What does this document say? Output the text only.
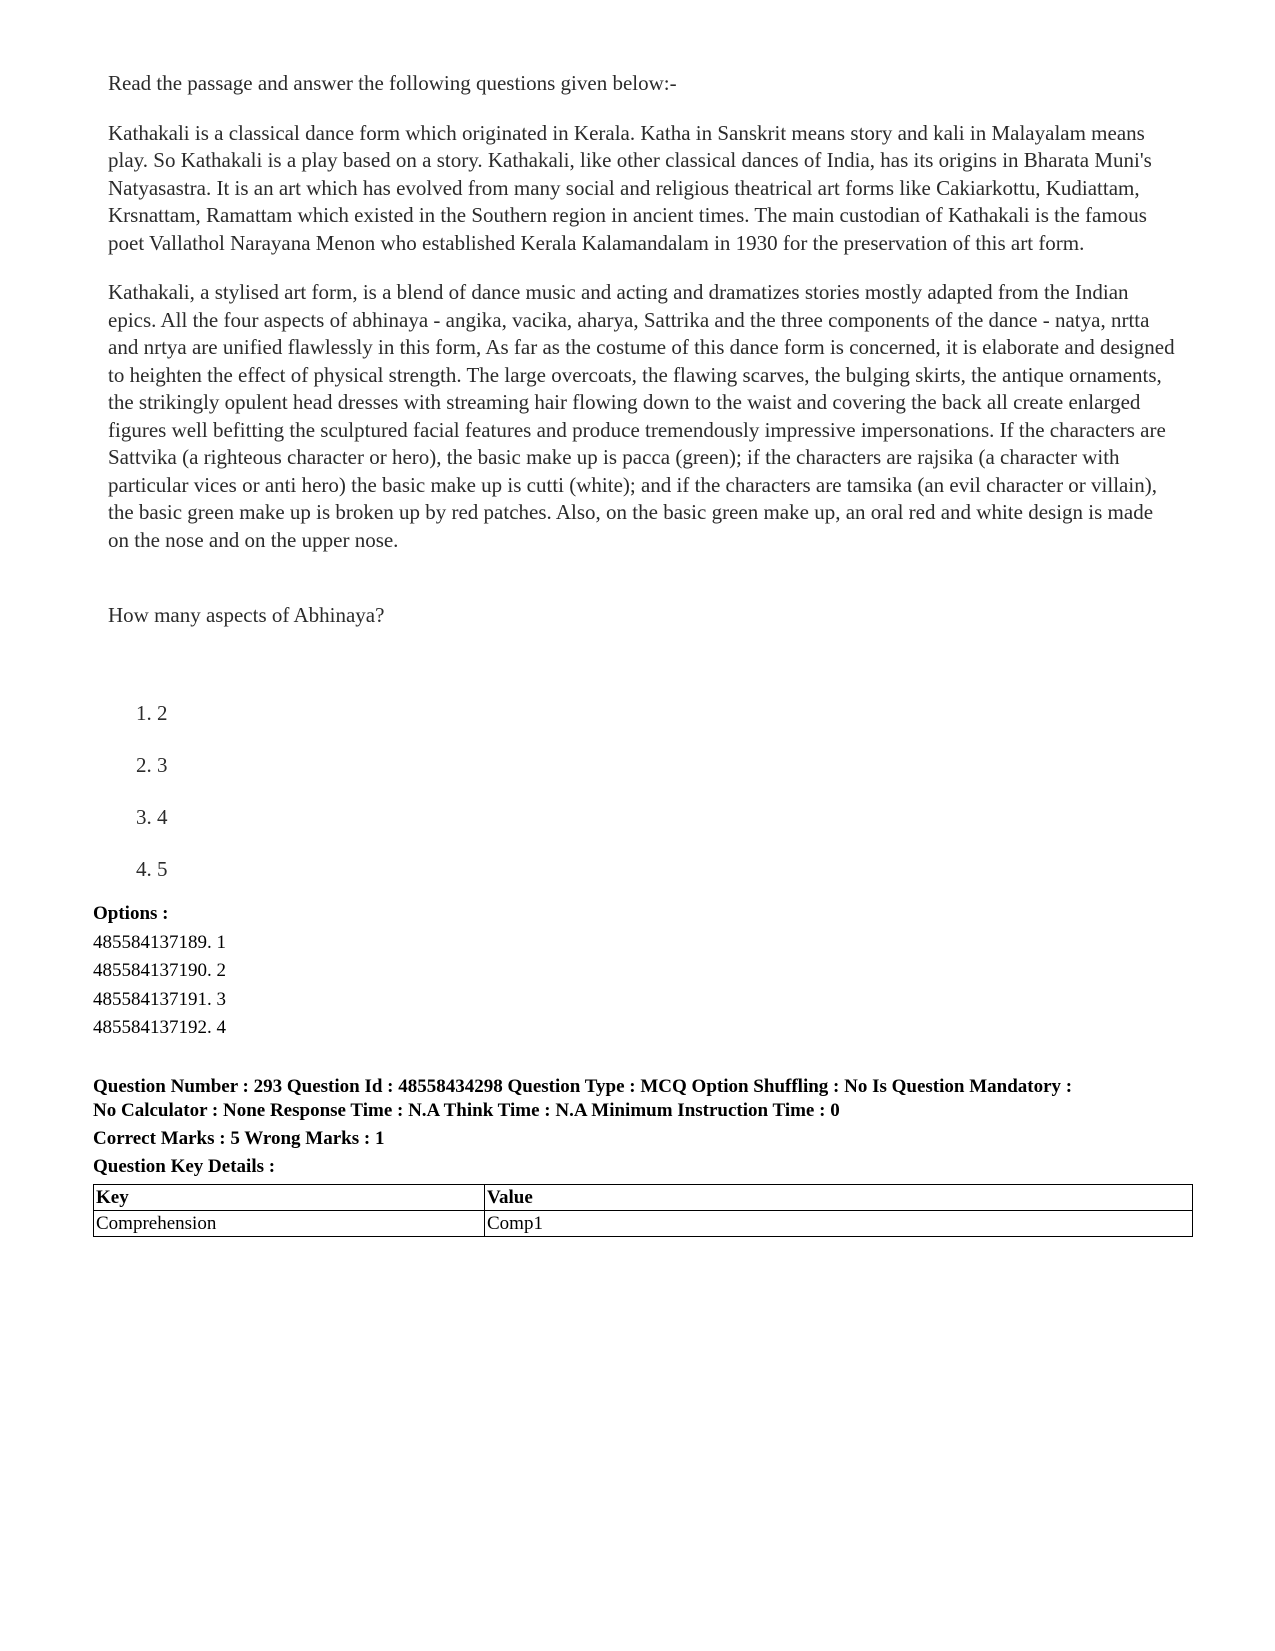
Read the passage and answer the following questions given below:-

Kathakali is a classical dance form which originated in Kerala. Katha in Sanskrit means story and kali in Malayalam means play. So Kathakali is a play based on a story. Kathakali, like other classical dances of India, has its origins in Bharata Muni's Natyasastra. It is an art which has evolved from many social and religious theatrical art forms like Cakiarkottu, Kudiattam, Krsnattam, Ramattam which existed in the Southern region in ancient times. The main custodian of Kathakali is the famous poet Vallathol Narayana Menon who established Kerala Kalamandalam in 1930 for the preservation of this art form.

Kathakali, a stylised art form, is a blend of dance music and acting and dramatizes stories mostly adapted from the Indian epics. All the four aspects of abhinaya - angika, vacika, aharya, Sattrika and the three components of the dance - natya, nrtta and nrtya are unified flawlessly in this form, As far as the costume of this dance form is concerned, it is elaborate and designed to heighten the effect of physical strength. The large overcoats, the flawing scarves, the bulging skirts, the antique ornaments, the strikingly opulent head dresses with streaming hair flowing down to the waist and covering the back all create enlarged figures well befitting the sculptured facial features and produce tremendously impressive impersonations. If the characters are Sattvika (a righteous character or hero), the basic make up is pacca (green); if the characters are rajsika (a character with particular vices or anti hero) the basic make up is cutti (white); and if the characters are tamsika (an evil character or villain), the basic green make up is broken up by red patches. Also, on the basic green make up, an oral red and white design is made on the nose and on the upper nose.

How many aspects of Abhinaya?

1. 2
2. 3
3. 4
4. 5
Options :
485584137189. 1
485584137190. 2
485584137191. 3
485584137192. 4
Question Number : 293 Question Id : 48558434298 Question Type : MCQ Option Shuffling : No Is Question Mandatory :
No Calculator : None Response Time : N.A Think Time : N.A Minimum Instruction Time : 0
Correct Marks : 5 Wrong Marks : 1
Question Key Details :
Key	Value
Comprehension	Comp1
